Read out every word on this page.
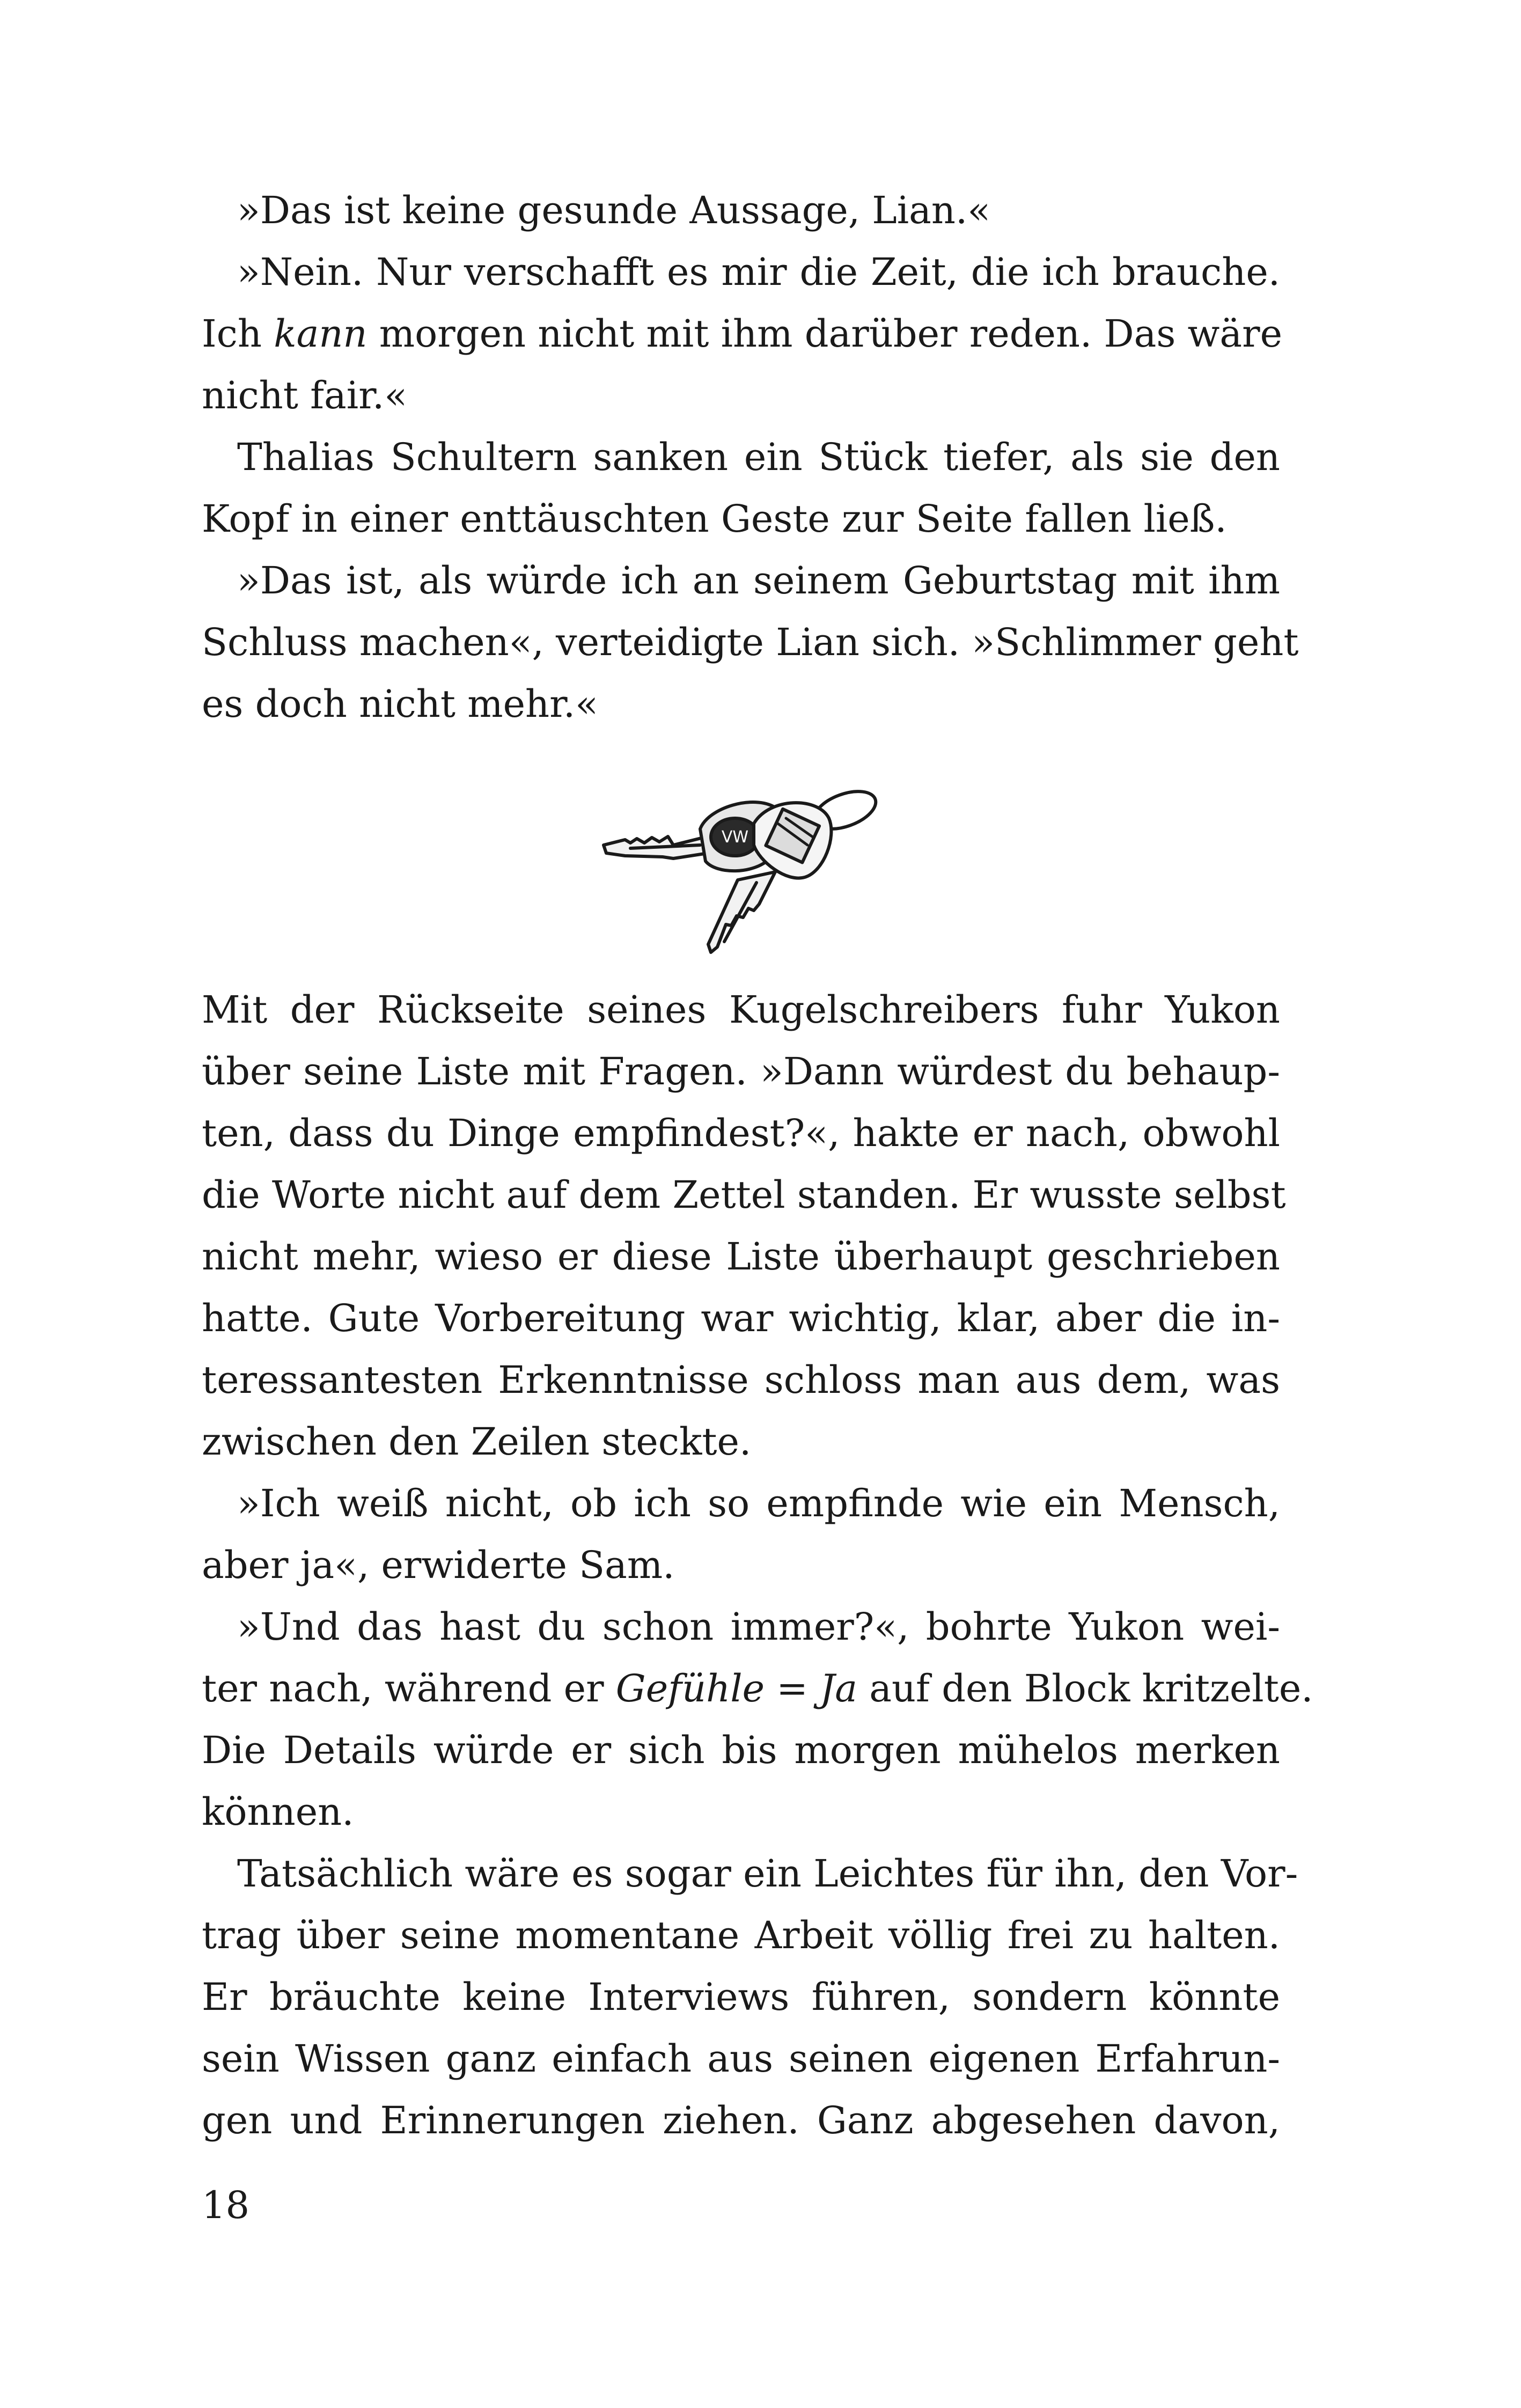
»Das ist keine gesunde Aussage, Lian.«
»Nein. Nur verschafft es mir die Zeit, die ich brauche.
Ich kann morgen nicht mit ihm darüber reden. Das wäre
nicht fair.«
Thalias Schultern sanken ein Stück tiefer, als sie den
Kopf in einer enttäuschten Geste zur Seite fallen ließ.
»Das ist, als würde ich an seinem Geburtstag mit ihm
Schluss machen«, verteidigte Lian sich. »Schlimmer geht
es doch nicht mehr.«
VW
Mit der Rückseite seines Kugelschreibers fuhr Yukon
über seine Liste mit Fragen. »Dann würdest du behaup-
ten, dass du Dinge empfindest?«, hakte er nach, obwohl
die Worte nicht auf dem Zettel standen. Er wusste selbst
nicht mehr, wieso er diese Liste überhaupt geschrieben
hatte. Gute Vorbereitung war wichtig, klar, aber die in-
teressantesten Erkenntnisse schloss man aus dem, was
zwischen den Zeilen steckte.
»Ich weiß nicht, ob ich so empfinde wie ein Mensch,
aber ja«, erwiderte Sam.
»Und das hast du schon immer?«, bohrte Yukon wei-
ter nach, während er Gefühle = Ja auf den Block kritzelte.
Die Details würde er sich bis morgen mühelos merken
können.
Tatsächlich wäre es sogar ein Leichtes für ihn, den Vor-
trag über seine momentane Arbeit völlig frei zu halten.
Er bräuchte keine Interviews führen, sondern könnte
sein Wissen ganz einfach aus seinen eigenen Erfahrun-
gen und Erinnerungen ziehen. Ganz abgesehen davon,
18
